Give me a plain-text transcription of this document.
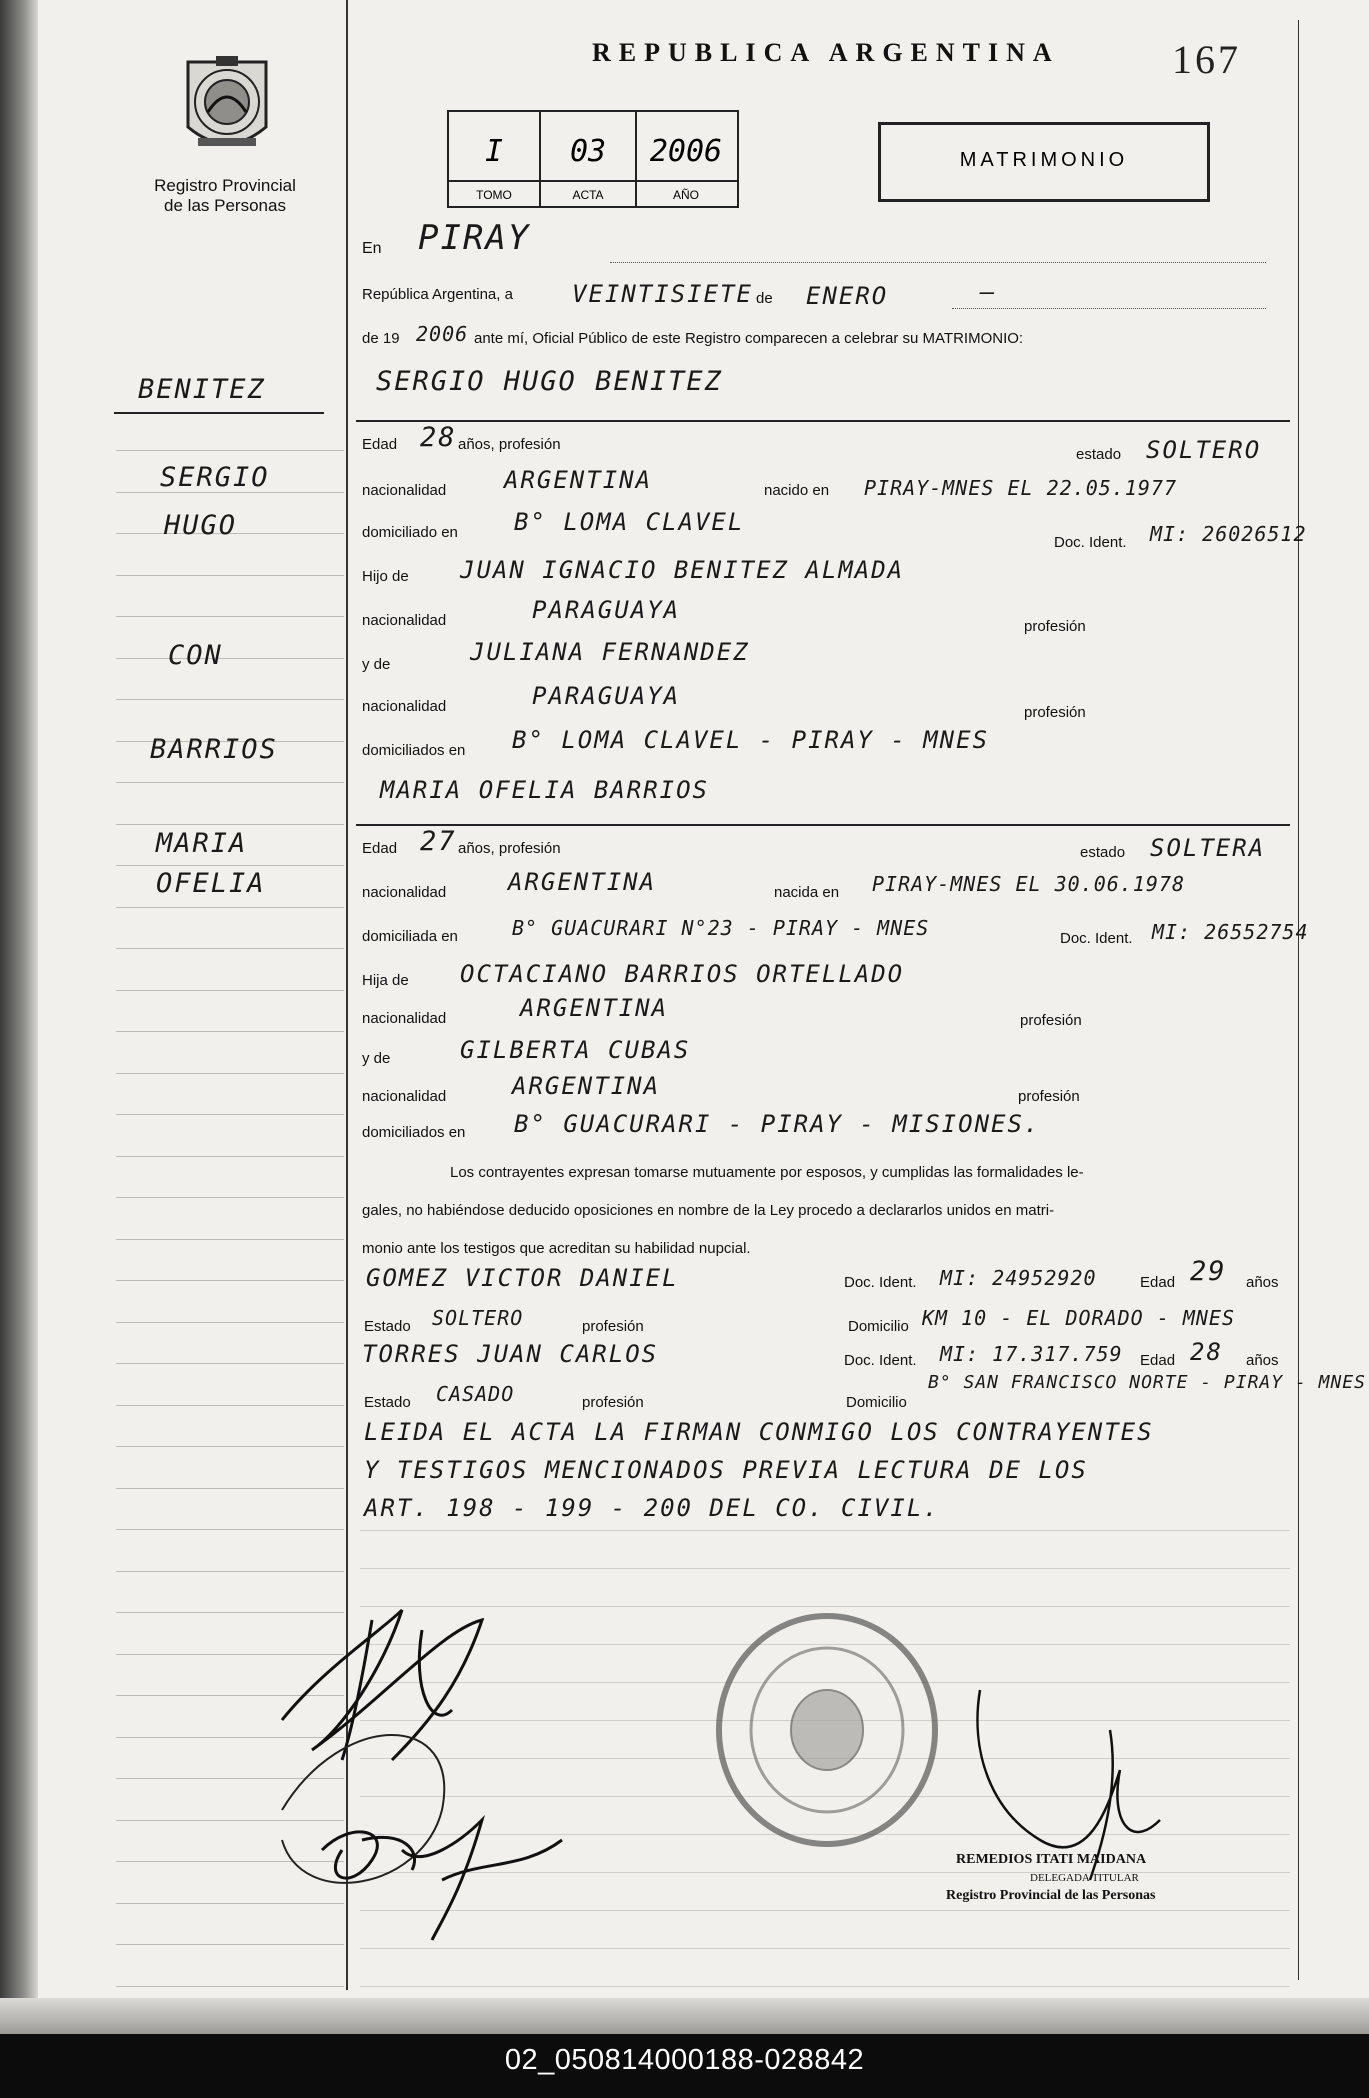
Registro Provincial
de las Personas
REPUBLICA ARGENTINA	167
I
TOMO
03
ACTA
2006
AÑO
MATRIMONIO
BENITEZ
SERGIO
HUGO
CON
BARRIOS
MARIA
OFELIA
En PIRAY
República Argentina, a VEINTISIETE de ENERO	—
de 19 2006 ante mí, Oficial Público de este Registro comparecen a celebrar su MATRIMONIO:
SERGIO HUGO BENITEZ
Edad 28 años, profesión
estado SOLTERO
nacionalidad ARGENTINA	nacido en PIRAY-MNES EL 22.05.1977
domiciliado en B° LOMA CLAVEL
Doc. Ident. MI: 26026512
Hijo de JUAN IGNACIO BENITEZ ALMADA
nacionalidad	PARAGUAYA
profesión
y de	JULIANA FERNANDEZ
nacionalidad	PARAGUAYA
profesión
domiciliados en B° LOMA CLAVEL - PIRAY - MNES
MARIA OFELIA BARRIOS
Edad 27 años, profesión	estado SOLTERA
nacionalidad	ARGENTINA	nacida en PIRAY-MNES EL 30.06.1978
domiciliada en	B° GUACURARI N°23 - PIRAY - MNES	Doc. Ident. MI: 26552754
Hija de OCTACIANO BARRIOS ORTELLADO
nacionalidad	ARGENTINA	profesión
y de	GILBERTA CUBAS
nacionalidad	ARGENTINA	profesión
domiciliados en B° GUACURARI - PIRAY - MISIONES.
Los contrayentes expresan tomarse mutuamente por esposos, y cumplidas las formalidades le-
gales, no habiéndose deducido oposiciones en nombre de la Ley procedo a declararlos unidos en matri-
monio ante los testigos que acreditan su habilidad nupcial.
GOMEZ VICTOR DANIEL	Doc. Ident. MI: 24952920	Edad 29 años
Estado SOLTERO	profesión	Domicilio KM 10 - EL DORADO - MNES
TORRES JUAN CARLOS	Doc. Ident. MI: 17.317.759 Edad 28 años
Estado CASADO	profesión	Domicilio
B° SAN FRANCISCO NORTE - PIRAY - MNES
LEIDA EL ACTA LA FIRMAN CONMIGO LOS CONTRAYENTES
Y TESTIGOS MENCIONADOS PREVIA LECTURA DE LOS
ART. 198 - 199 - 200 DEL CO. CIVIL.
REMEDIOS ITATI MAIDANA
DELEGADA TITULAR
Registro Provincial de las Personas
02_050814000188-028842
